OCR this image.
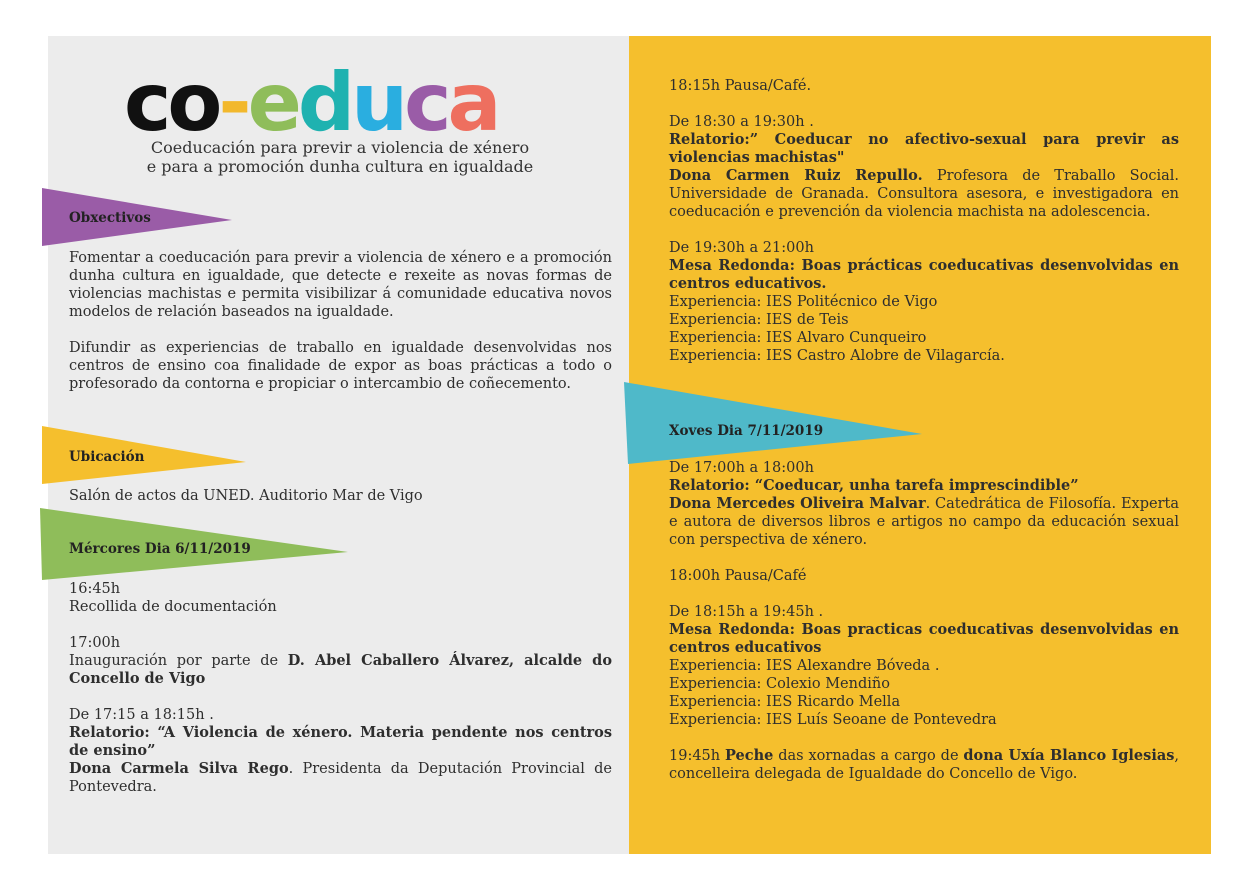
co-educa
Coeducación para previr a violencia de xénero
e para a promoción dunha cultura en igualdade
Obxectivos

Fomentar a coeducación para previr a violencia de xénero e a promoción dunha cultura en igualdade, que detecte e rexeite as novas formas de violencias machistas e permita visibilizar á comunidade educativa novos modelos de relación baseados na igualdade.

Difundir as experiencias de traballo en igualdade desenvolvidas nos centros de ensino coa finalidade de expor as boas prácticas a todo o profesorado da contorna e propiciar o intercambio de coñecemento.

Ubicación
Salón de actos da UNED. Auditorio Mar de Vigo
Mércores Dia 6/11/2019

16:45h

Recollida de documentación

17:00h

Inauguración por parte de D. Abel Caballero Álvarez, alcalde do Concello de Vigo

De 17:15 a 18:15h .

Relatorio: “A Violencia de xénero. Materia pendente nos centros de ensino”

Dona Carmela Silva Rego. Presidenta da Deputación Provincial de Pontevedra.

18:15h Pausa/Café.

De 18:30 a 19:30h .

Relatorio:” Coeducar no afectivo-sexual para previr as violencias machistas"

Dona Carmen Ruiz Repullo. Profesora de Traballo Social. Universidade de Granada. Consultora asesora, e investigadora en coeducación e prevención da violencia machista na adolescencia.

De 19:30h a 21:00h

Mesa Redonda: Boas prácticas coeducativas desenvolvidas en centros educativos.

Experiencia: IES Politécnico de Vigo

Experiencia: IES de Teis

Experiencia: IES Alvaro Cunqueiro

Experiencia: IES Castro Alobre de Vilagarcía.

Xoves Dia 7/11/2019

De 17:00h a 18:00h

Relatorio: “Coeducar, unha tarefa imprescindible”

Dona Mercedes Oliveira Malvar. Catedrática de Filosofía. Experta e autora de diversos libros e artigos no campo da educación sexual con perspectiva de xénero.

18:00h Pausa/Café

De 18:15h a 19:45h .

Mesa Redonda: Boas practicas coeducativas desenvolvidas en centros educativos

Experiencia: IES Alexandre Bóveda .

Experiencia: Colexio Mendiño

Experiencia: IES Ricardo Mella

Experiencia: IES Luís Seoane de Pontevedra

19:45h Peche das xornadas a cargo de dona Uxía Blanco Iglesias, concelleira delegada de Igualdade do Concello de Vigo.
